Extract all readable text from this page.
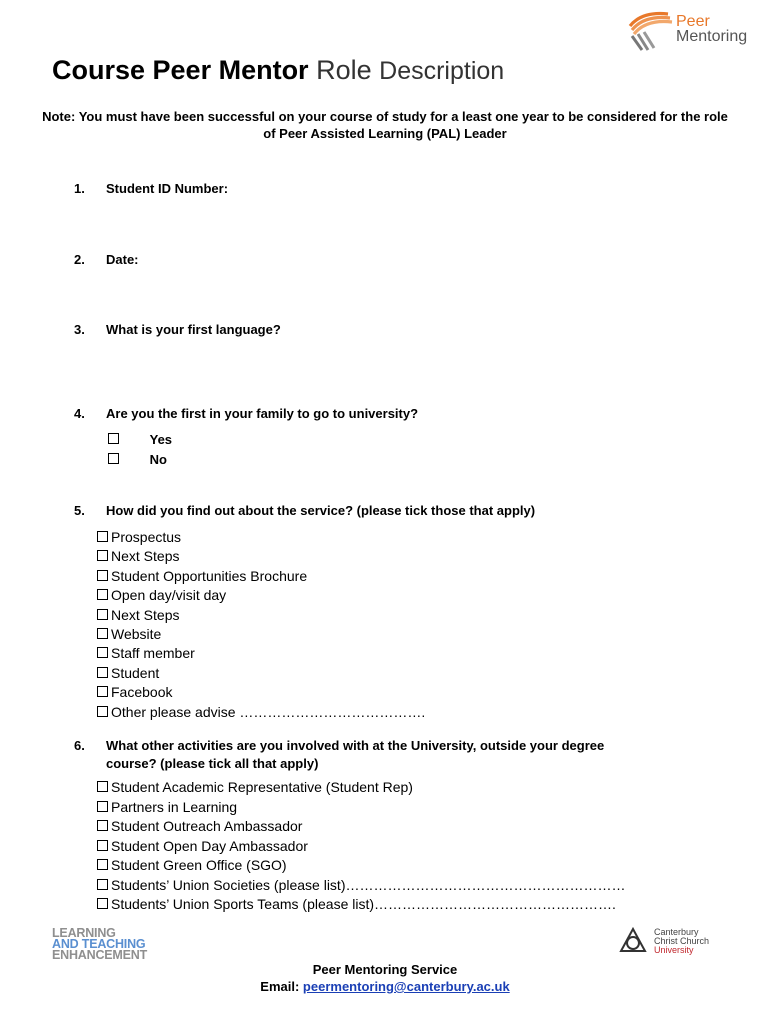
Peer
Mentoring
Course Peer Mentor Role Description
Note: You must have been successful on your course of study for a least one year to be considered for the role of Peer Assisted Learning (PAL) Leader
1. Student ID Number:
2. Date:
3. What is your first language?
4. Are you the first in your family to go to university?
Yes
No
5. How did you find out about the service? (please tick those that apply)
Prospectus
Next Steps
Student Opportunities Brochure
Open day/visit day
Next Steps
Website
Staff member
Student
Facebook
Other please advise ………………………………….
6. What other activities are you involved with at the University, outside your degree
course? (please tick all that apply)
Student Academic Representative (Student Rep)
Partners in Learning
Student Outreach Ambassador
Student Open Day Ambassador
Student Green Office (SGO)
Students’ Union Societies (please list)……………………………………………………
Students’ Union Sports Teams (please list)…………………………………………….
LEARNING
AND TEACHING
ENHANCEMENT
Canterbury
Christ Church
University
Peer Mentoring Service
Email: peermentoring@canterbury.ac.uk
